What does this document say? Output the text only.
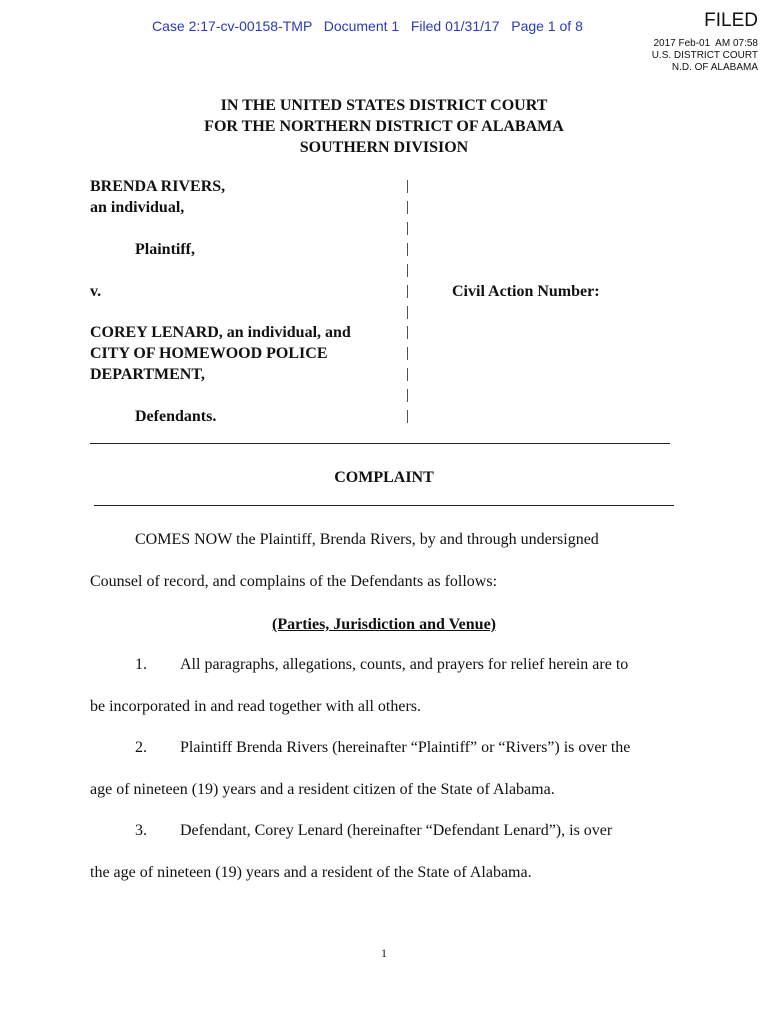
Case 2:17-cv-00158-TMP   Document 1   Filed 01/31/17   Page 1 of 8	FILED
2017 Feb-01  AM 07:58
U.S. DISTRICT COURT
N.D. OF ALABAMA
IN THE UNITED STATES DISTRICT COURT
FOR THE NORTHERN DISTRICT OF ALABAMA
SOUTHERN DIVISION
BRENDA RIVERS,
an individual,
Plaintiff,
v.
COREY LENARD, an individual, and
CITY OF HOMEWOOD POLICE
DEPARTMENT,
Defendants.
|
|
|
|
|
|
|
|
|
|
|
|
Civil Action Number:
COMPLAINT
COMES NOW the Plaintiff, Brenda Rivers, by and through undersigned
Counsel of record, and complains of the Defendants as follows:
(Parties, Jurisdiction and Venue)
1. All paragraphs, allegations, counts, and prayers for relief herein are to
be incorporated in and read together with all others.
2. Plaintiff Brenda Rivers (hereinafter “Plaintiff” or “Rivers”) is over the
age of nineteen (19) years and a resident citizen of the State of Alabama.
3. Defendant, Corey Lenard (hereinafter “Defendant Lenard”), is over
the age of nineteen (19) years and a resident of the State of Alabama.
1
